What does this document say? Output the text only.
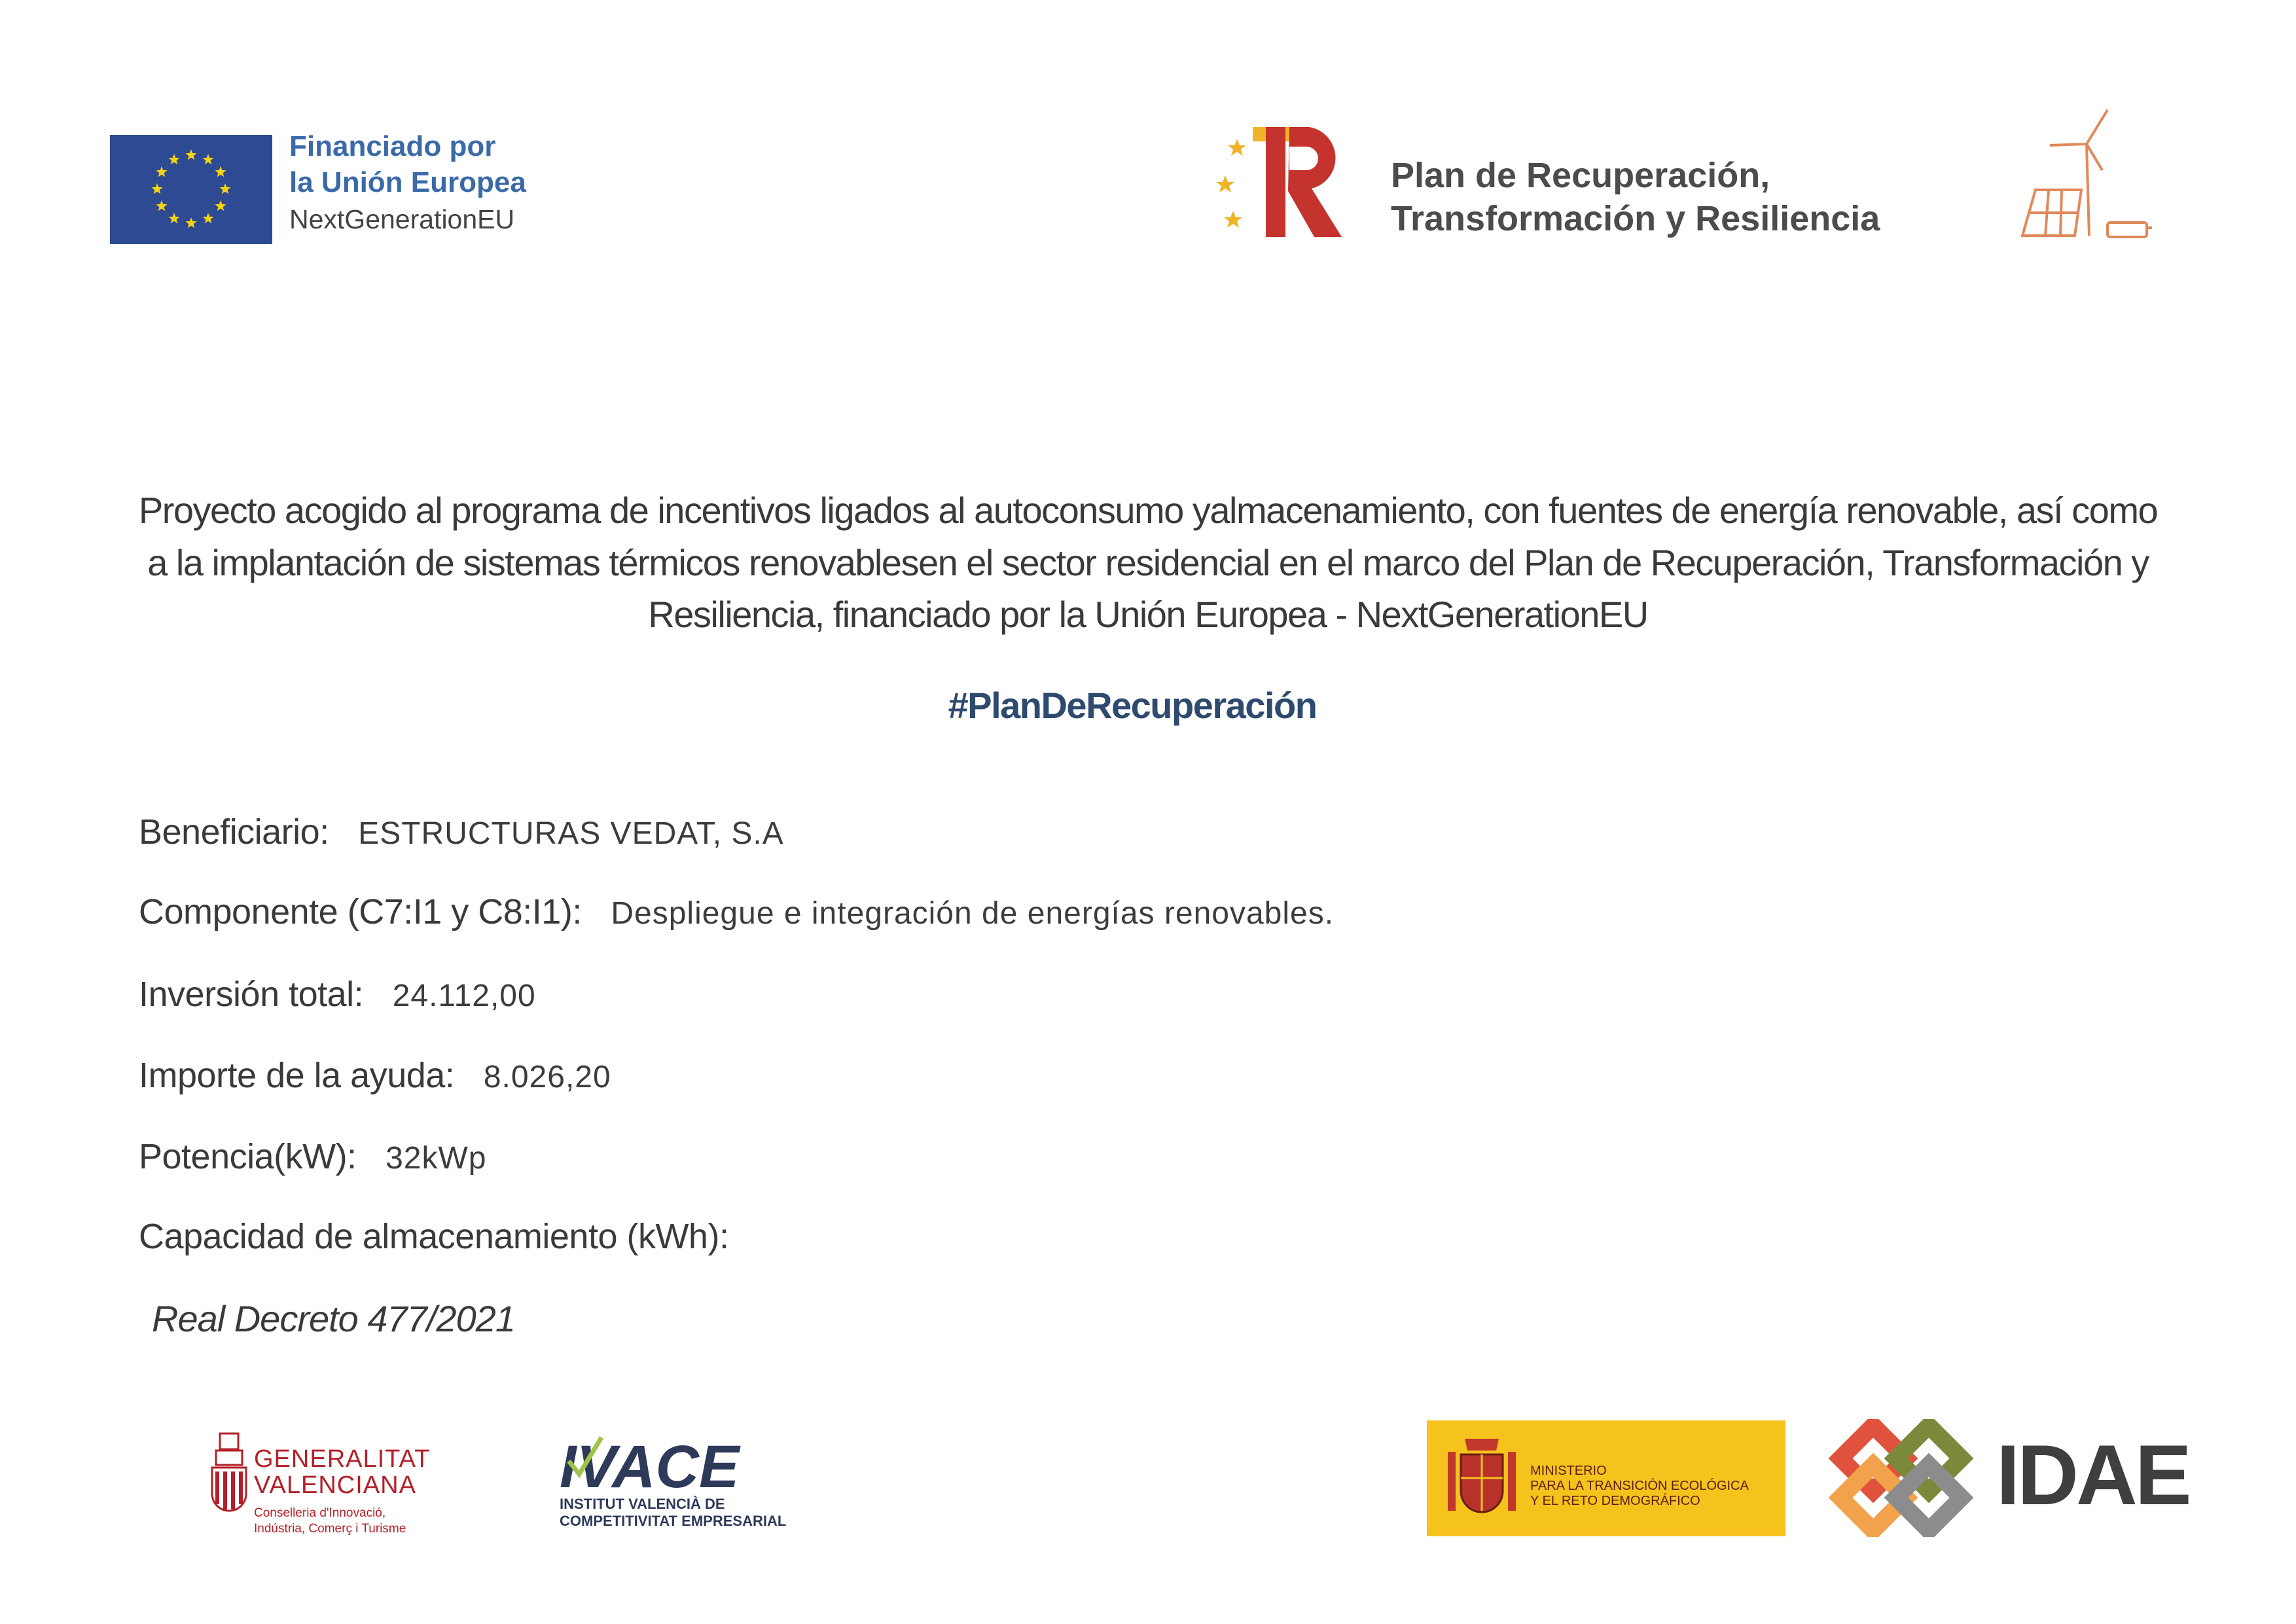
Financiado por
la Unión Europea
NextGenerationEU
Plan de Recuperación,
Transformación y Resiliencia
Proyecto acogido al programa de incentivos ligados al autoconsumo yalmacenamiento, con fuentes de energía renovable, así como a la implantación de sistemas térmicos renovablesen el sector residencial en el marco del Plan de Recuperación, Transformación y Resiliencia, financiado por la Unión Europea - NextGenerationEU
#PlanDeRecuperación
Beneficiario: ESTRUCTURAS VEDAT, S.A
Componente (C7:I1 y C8:I1): Despliegue e integración de energías renovables.
Inversión total: 24.112,00
Importe de la ayuda: 8.026,20
Potencia(kW): 32kWp
Capacidad de almacenamiento (kWh):
Real Decreto 477/2021
GENERALITAT
VALENCIANA
Conselleria d'Innovació,
Indústria, Comerç i Turisme
IVACE
INSTITUT VALENCIÀ DE
COMPETITIVITAT EMPRESARIAL
MINISTERIO
PARA LA TRANSICIÓN ECOLÓGICA
Y EL RETO DEMOGRÁFICO	IDAE
